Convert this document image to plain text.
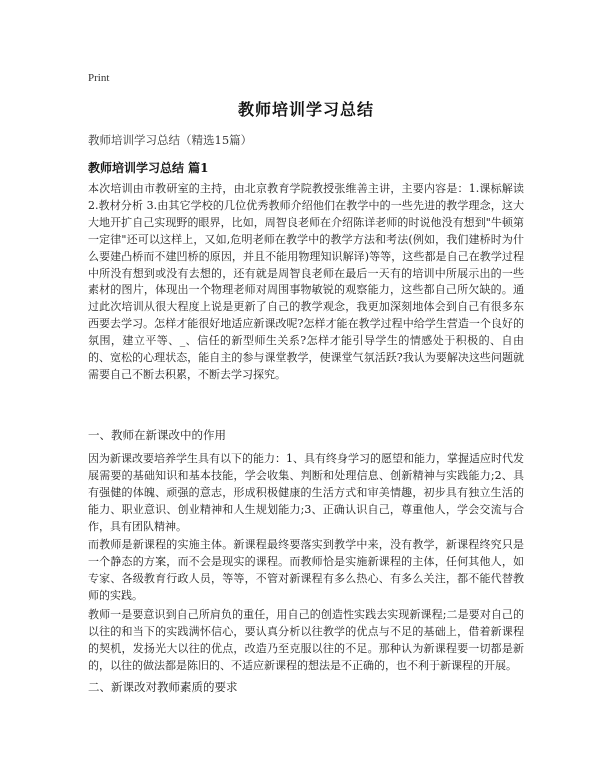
Print
教师培训学习总结
教师培训学习总结（精选15篇）
教师培训学习总结 篇1

本次培训由市教研室的主持，由北京教育学院教授张维善主讲，主要内容是：1.课标解读 2.教材分析 3.由其它学校的几位优秀教师介绍他们在教学中的一些先进的教学理念，这大大地开扩自己实现野的眼界，比如，周智良老师在介绍陈详老师的时说他没有想到"牛顿第一定律"还可以这样上，又如,危明老师在教学中的教学方法和考法(例如，我们建桥时为什么要建凸桥而不建凹桥的原因，并且不能用物理知识解译)等等，这些都是自己在教学过程中所没有想到或没有去想的，还有就是周智良老师在最后一天有的培训中所展示出的一些素材的图片，体现出一个物理老师对周围事物敏锐的观察能力，这些都自己所欠缺的。通过此次培训从很大程度上说是更新了自己的教学观念，我更加深刻地体会到自己有很多东西要去学习。怎样才能很好地适应新课改呢?怎样才能在教学过程中给学生营造一个良好的氛围，建立平等、_、信任的新型师生关系?怎样才能引导学生的情感处于积极的、自由的、宽松的心理状态，能自主的参与课堂教学，使课堂气氛活跃?我认为要解决这些问题就需要自己不断去积累，不断去学习探究。

一、教师在新课改中的作用

因为新课改要培养学生具有以下的能力：1、具有终身学习的愿望和能力，掌握适应时代发展需要的基础知识和基本技能，学会收集、判断和处理信息、创新精神与实践能力;2、具有强健的体魄、顽强的意志，形成积极健康的生活方式和审美情趣，初步具有独立生活的能力、职业意识、创业精神和人生规划能力;3、正确认识自己，尊重他人，学会交流与合作，具有团队精神。

而教师是新课程的实施主体。新课程最终要落实到教学中来，没有教学，新课程终究只是一个静态的方案，而不会是现实的课程。而教师恰是实施新课程的主体，任何其他人，如专家、各级教育行政人员，等等，不管对新课程有多么热心、有多么关注，都不能代替教师的实践。

教师一是要意识到自己所肩负的重任，用自己的创造性实践去实现新课程;二是要对自己的以往的和当下的实践满怀信心，要认真分析以往教学的优点与不足的基础上，借着新课程的契机，发扬光大以往的优点，改造乃至克服以往的不足。那种认为新课程要一切都是新的，以往的做法都是陈旧的、不适应新课程的想法是不正确的，也不利于新课程的开展。

二、新课改对教师素质的要求
